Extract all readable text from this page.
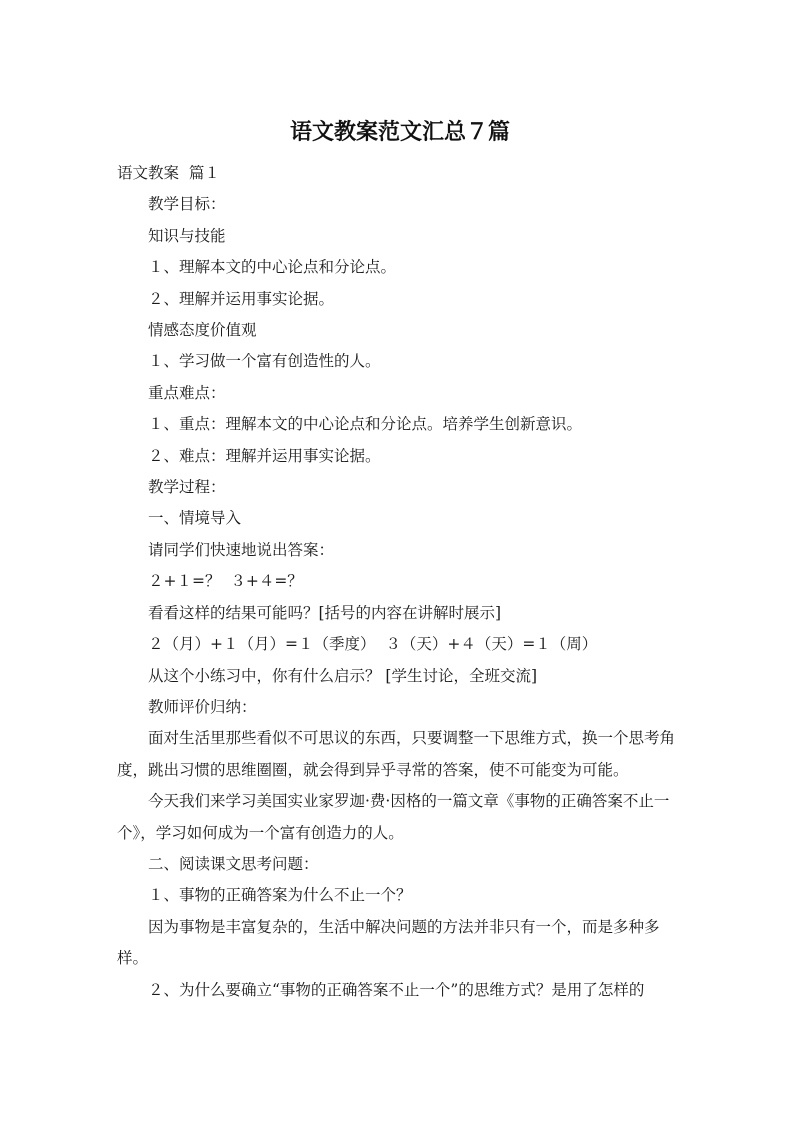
语文教案范文汇总７篇

语文教案  篇１

教学目标：

知识与技能

１、理解本文的中心论点和分论点。

２、理解并运用事实论据。

情感态度价值观

１、学习做一个富有创造性的人。

重点难点：

１、重点：理解本文的中心论点和分论点。培养学生创新意识。

２、难点：理解并运用事实论据。

教学过程：

一、情境导入

请同学们快速地说出答案：

２+１=？  ３+４=？

看看这样的结果可能吗？[括号的内容在讲解时展示]

２（月）+１（月）=１（季度）  ３（天）+４（天）=１（周）

从这个小练习中，你有什么启示？ [学生讨论，全班交流]

教师评价归纳：

面对生活里那些看似不可思议的东西，只要调整一下思维方式，换一个思考角度，跳出习惯的思维圈圈，就会得到异乎寻常的答案，使不可能变为可能。

今天我们来学习美国实业家罗迦·费·因格的一篇文章《事物的正确答案不止一个》，学习如何成为一个富有创造力的人。

二、阅读课文思考问题：

１、事物的正确答案为什么不止一个？

因为事物是丰富复杂的，生活中解决问题的方法并非只有一个，而是多种多样。

２、为什么要确立“事物的正确答案不止一个”的思维方式？是用了怎样的
